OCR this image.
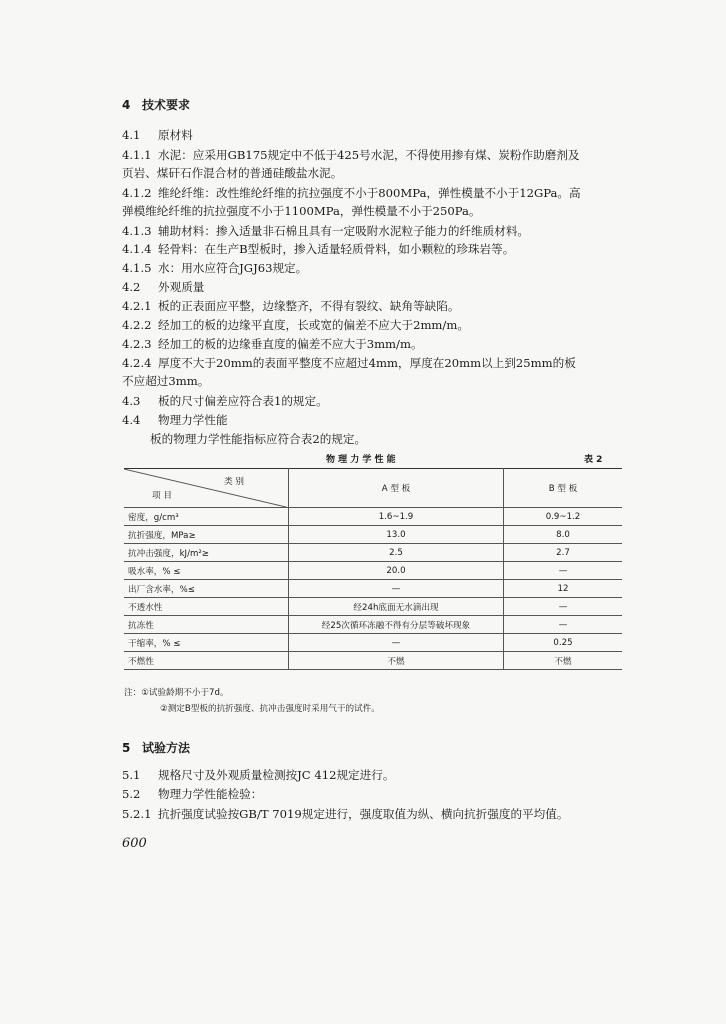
4 技术要求
4.1 原材料
4.1.1 水泥：应采用GB175规定中不低于425号水泥，不得使用掺有煤、炭粉作助磨剂及
页岩、煤矸石作混合材的普通硅酸盐水泥。
4.1.2 维纶纤维：改性维纶纤维的抗拉强度不小于800MPa，弹性模量不小于12GPa。高
弹模维纶纤维的抗拉强度不小于1100MPa，弹性模量不小于250Pa。
4.1.3 辅助材料：掺入适量非石棉且具有一定吸附水泥粒子能力的纤维质材料。
4.1.4 轻骨料：在生产B型板时，掺入适量轻质骨料，如小颗粒的珍珠岩等。
4.1.5 水：用水应符合JGJ63规定。
4.2 外观质量
4.2.1 板的正表面应平整，边缘整齐，不得有裂纹、缺角等缺陷。
4.2.2 经加工的板的边缘平直度，长或宽的偏差不应大于2mm/m。
4.2.3 经加工的板的边缘垂直度的偏差不应大于3mm/m。
4.2.4 厚度不大于20mm的表面平整度不应超过4mm，厚度在20mm以上到25mm的板
不应超过3mm。
4.3 板的尺寸偏差应符合表1的规定。
4.4 物理力学性能
板的物理力学性能指标应符合表2的规定。
物 理 力 学 性 能	表 2
类 别
项 目	A 型 板	B 型 板
密度，g/cm³	1.6~1.9	0.9~1.2
抗折强度，MPa≥	13.0	8.0
抗冲击强度，kJ/m²≥	2.5	2.7
吸水率，% ≤	20.0	—
出厂含水率，%≤	—	12
不透水性	经24h底面无水滴出现	—
抗冻性	经25次循环冻融不得有分层等破坏现象	—
干缩率，% ≤	—	0.25
不燃性	不燃	不燃
注：①试验龄期不小于7d。
②测定B型板的抗折强度、抗冲击强度时采用气干的试件。
5 试验方法
5.1 规格尺寸及外观质量检测按JC 412规定进行。
5.2 物理力学性能检验：
5.2.1 抗折强度试验按GB/T 7019规定进行，强度取值为纵、横向抗折强度的平均值。
600
